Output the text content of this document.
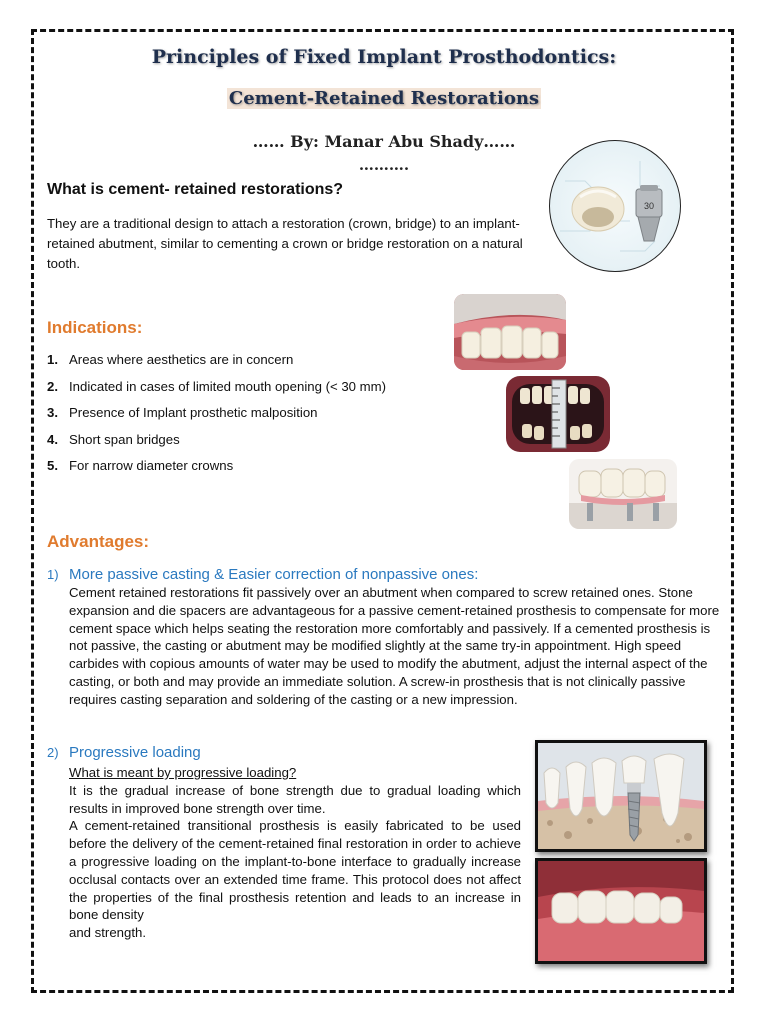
Principles of Fixed Implant Prosthodontics:
Cement-Retained Restorations
…… By: Manar Abu Shady……
……….
30
What is cement- retained restorations?
They are a traditional design to attach a restoration (crown, bridge) to an implant-retained abutment, similar to cementing a crown or bridge restoration on a natural tooth.
Indications:
1. Areas where aesthetics are in concern
2. Indicated in cases of limited mouth opening (< 30 mm)
3. Presence of Implant prosthetic malposition
4. Short span bridges
5. For narrow diameter crowns
Advantages:
1) More passive casting & Easier correction of nonpassive ones:
Cement retained restorations fit passively over an abutment when compared to screw retained ones. Stone expansion and die spacers are advantageous for a passive cement-retained prosthesis to compensate for more cement space which helps seating the restoration more comfortably and passively. If a cemented prosthesis is not passive, the casting or abutment may be modified slightly at the same try-in appointment. High speed carbides with copious amounts of water may be used to modify the abutment, adjust the internal aspect of the casting, or both and may provide an immediate solution. A screw-in prosthesis that is not clinically passive requires casting separation and soldering of the casting or a new impression.
2) Progressive loading
What is meant by progressive loading?
It is the gradual increase of bone strength due to gradual loading which results in improved bone strength over time.
A cement-retained transitional prosthesis is easily fabricated to be used before the delivery of the cement-retained final restoration in order to achieve a progressive loading on the implant-to-bone interface to gradually increase occlusal contacts over an extended time frame. This protocol does not affect the properties of the final prosthesis retention and leads to an increase in bone density
and strength.
